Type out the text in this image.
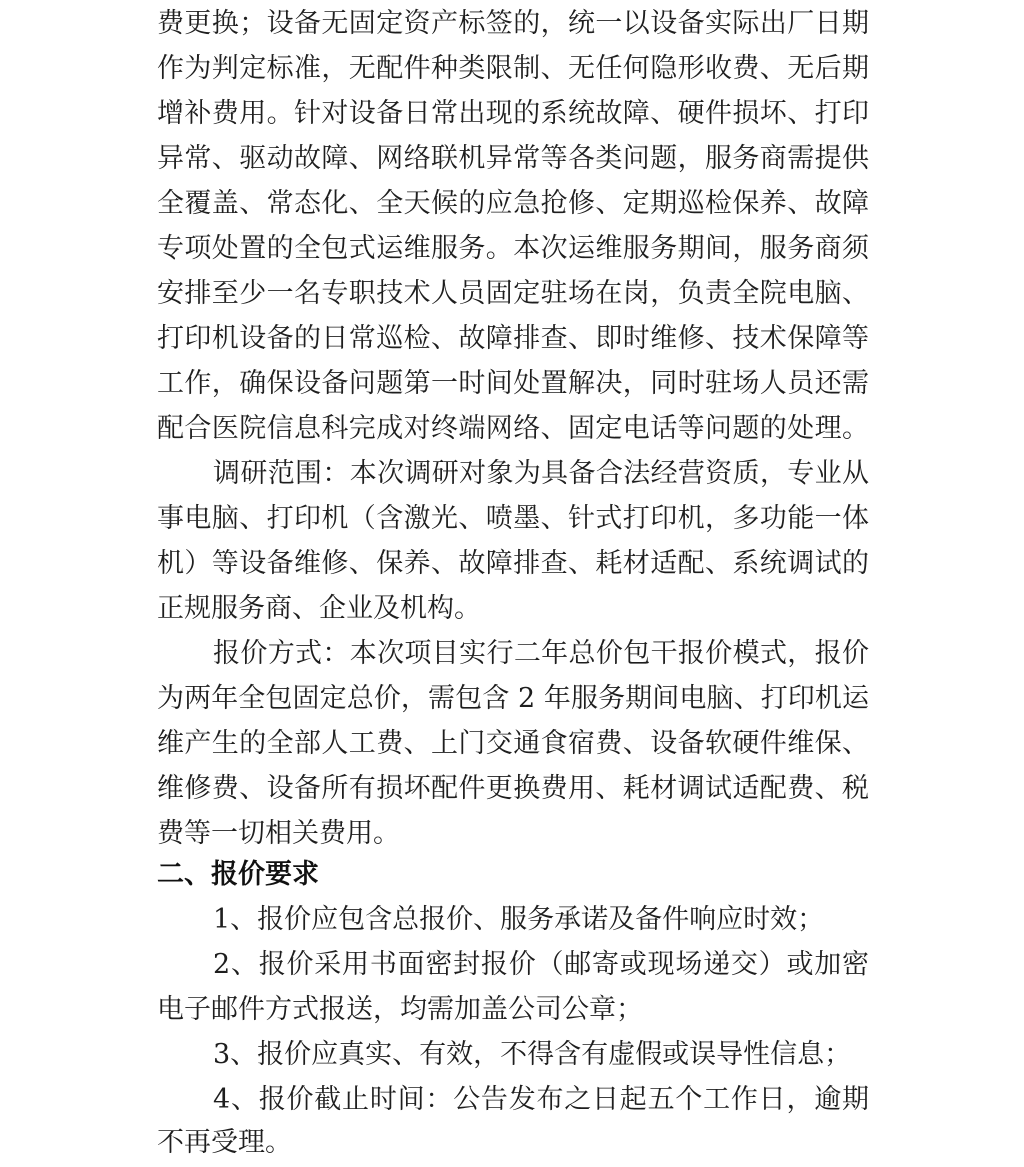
费更换；设备无固定资产标签的，统一以设备实际出厂日期
作为判定标准，无配件种类限制、无任何隐形收费、无后期
增补费用。针对设备日常出现的系统故障、硬件损坏、打印
异常、驱动故障、网络联机异常等各类问题，服务商需提供
全覆盖、常态化、全天候的应急抢修、定期巡检保养、故障
专项处置的全包式运维服务。本次运维服务期间，服务商须
安排至少一名专职技术人员固定驻场在岗，负责全院电脑、
打印机设备的日常巡检、故障排查、即时维修、技术保障等
工作，确保设备问题第一时间处置解决，同时驻场人员还需
配合医院信息科完成对终端网络、固定电话等问题的处理。
调研范围：本次调研对象为具备合法经营资质，专业从
事电脑、打印机（含激光、喷墨、针式打印机，多功能一体
机）等设备维修、保养、故障排查、耗材适配、系统调试的
正规服务商、企业及机构。
报价方式：本次项目实行二年总价包干报价模式，报价
为两年全包固定总价，需包含 2 年服务期间电脑、打印机运
维产生的全部人工费、上门交通食宿费、设备软硬件维保、
维修费、设备所有损坏配件更换费用、耗材调试适配费、税
费等一切相关费用。
二、报价要求
1、报价应包含总报价、服务承诺及备件响应时效；
2、报价采用书面密封报价（邮寄或现场递交）或加密
电子邮件方式报送，均需加盖公司公章；
3、报价应真实、有效，不得含有虚假或误导性信息；
4、报价截止时间：公告发布之日起五个工作日，逾期
不再受理。
